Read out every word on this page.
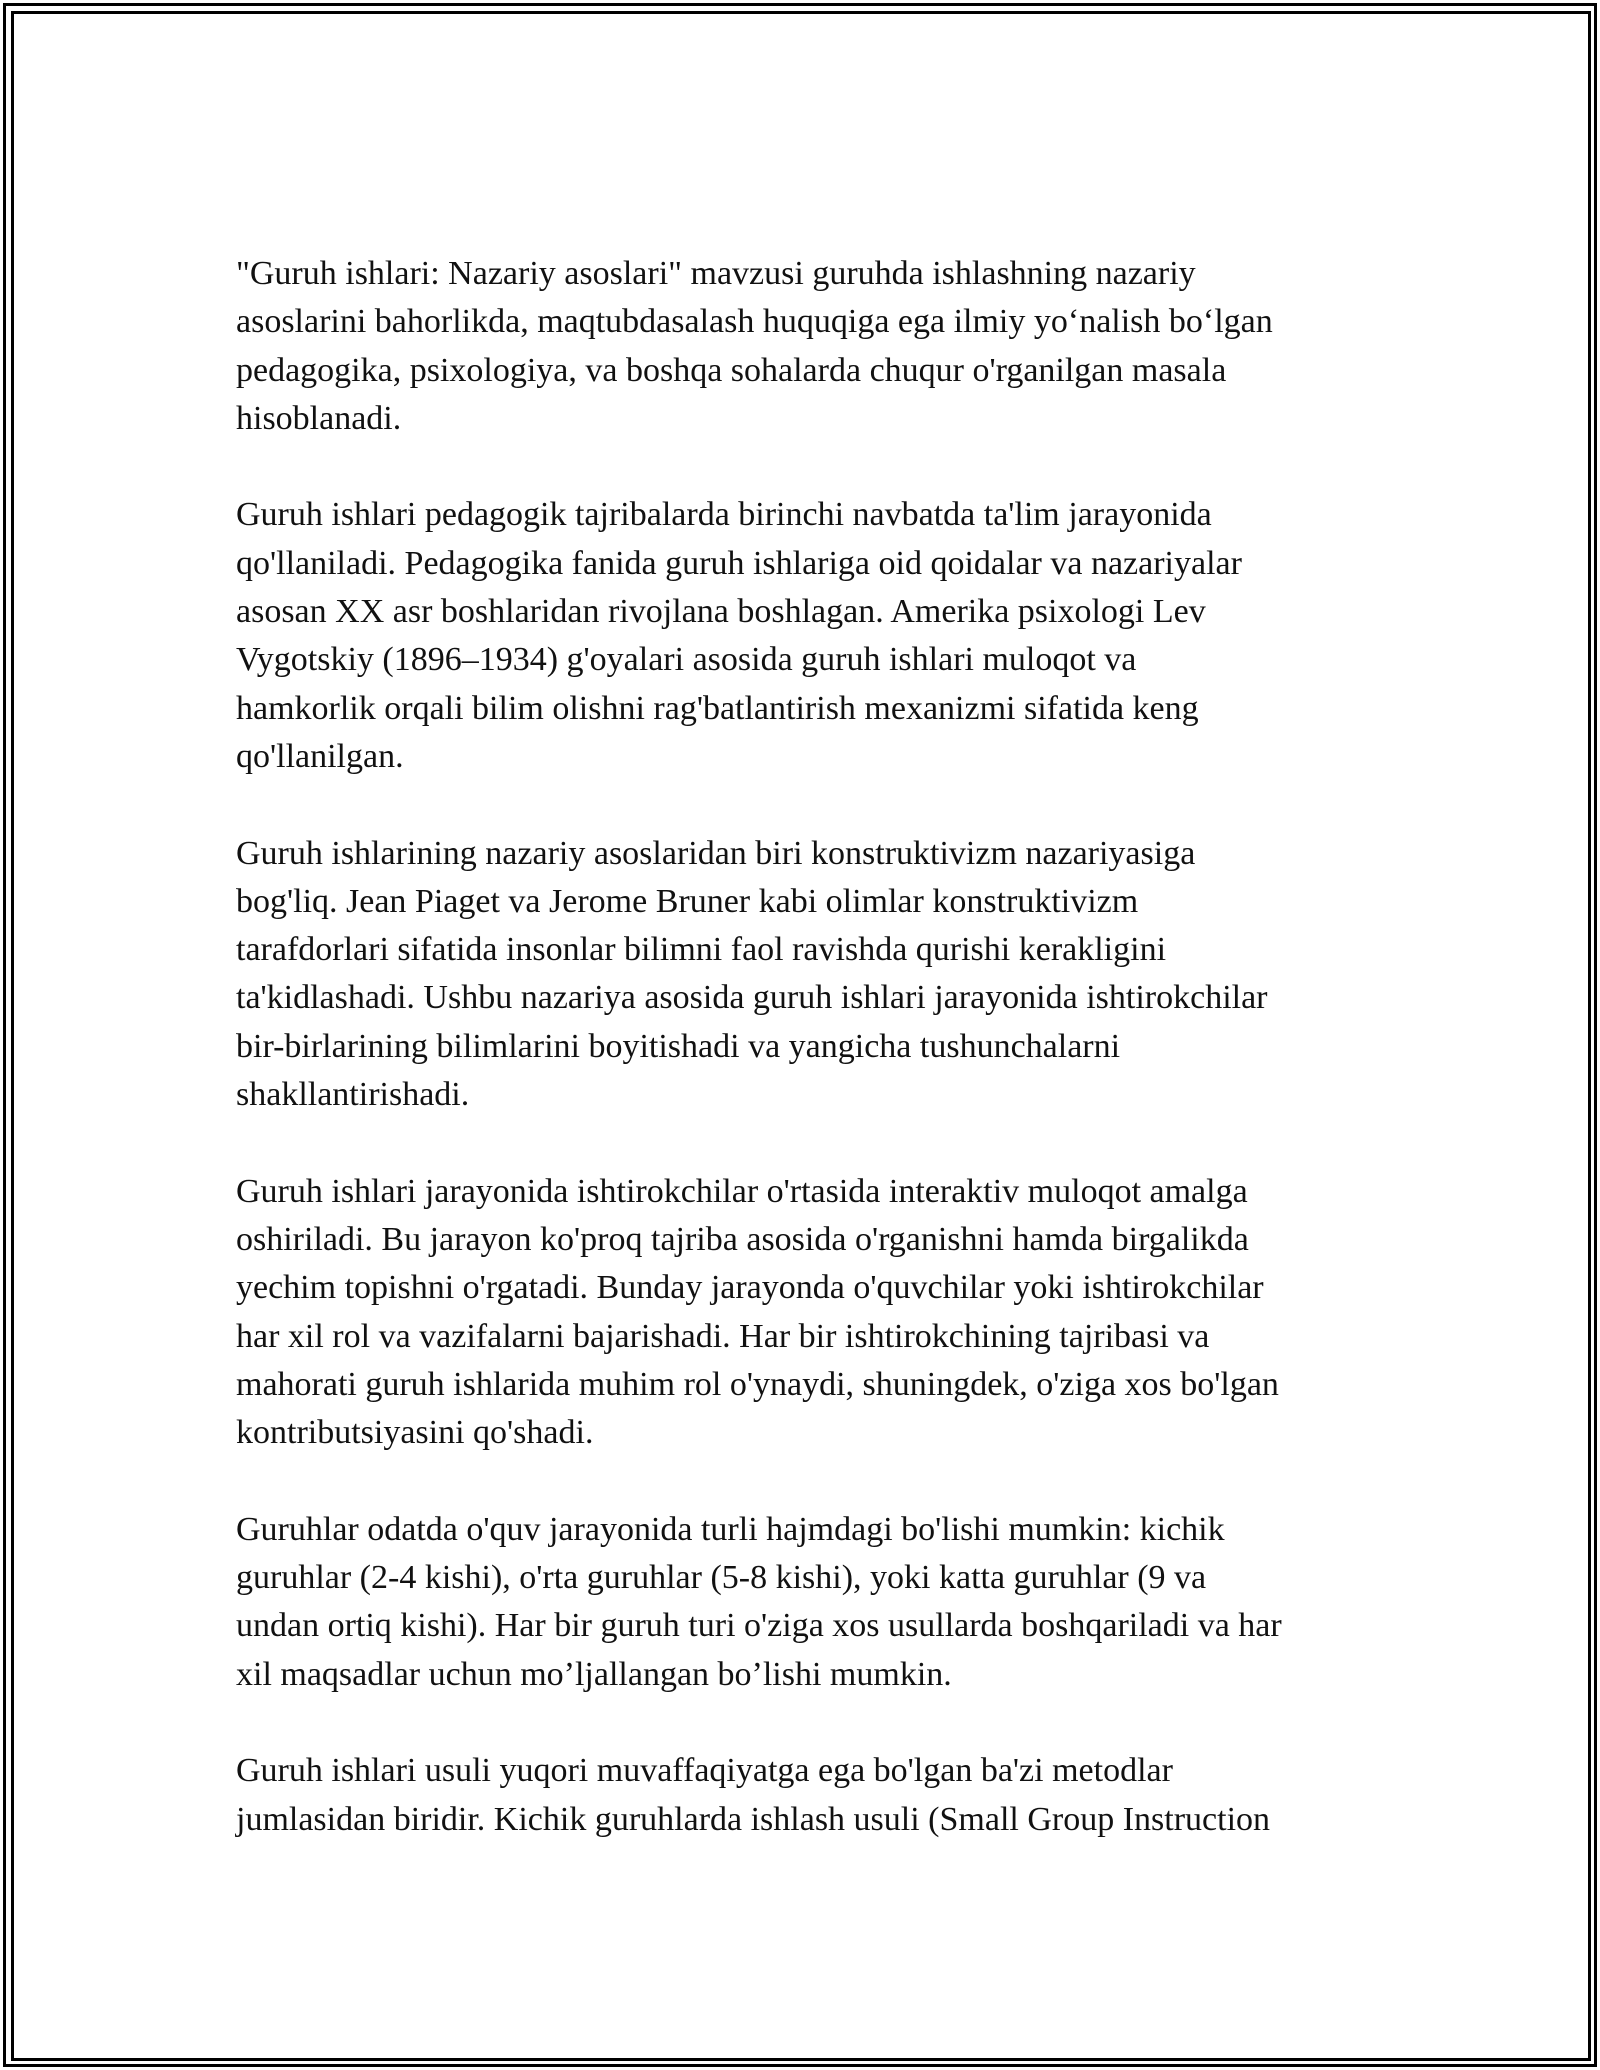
"Guruh ishlari: Nazariy asoslari" mavzusi guruhda ishlashning nazariy
asoslarini bahorlikda, maqtubdasalash huquqiga ega ilmiy yo‘nalish bo‘lgan
pedagogika, psixologiya, va boshqa sohalarda chuqur o'rganilgan masala
hisoblanadi.

Guruh ishlari pedagogik tajribalarda birinchi navbatda ta'lim jarayonida
qo'llaniladi. Pedagogika fanida guruh ishlariga oid qoidalar va nazariyalar
asosan XX asr boshlaridan rivojlana boshlagan. Amerika psixologi Lev
Vygotskiy (1896–1934) g'oyalari asosida guruh ishlari muloqot va
hamkorlik orqali bilim olishni rag'batlantirish mexanizmi sifatida keng
qo'llanilgan.

Guruh ishlarining nazariy asoslaridan biri konstruktivizm nazariyasiga
bog'liq. Jean Piaget va Jerome Bruner kabi olimlar konstruktivizm
tarafdorlari sifatida insonlar bilimni faol ravishda qurishi kerakligini
ta'kidlashadi. Ushbu nazariya asosida guruh ishlari jarayonida ishtirokchilar
bir-birlarining bilimlarini boyitishadi va yangicha tushunchalarni
shakllantirishadi.

Guruh ishlari jarayonida ishtirokchilar o'rtasida interaktiv muloqot amalga
oshiriladi. Bu jarayon ko'proq tajriba asosida o'rganishni hamda birgalikda
yechim topishni o'rgatadi. Bunday jarayonda o'quvchilar yoki ishtirokchilar
har xil rol va vazifalarni bajarishadi. Har bir ishtirokchining tajribasi va
mahorati guruh ishlarida muhim rol o'ynaydi, shuningdek, o'ziga xos bo'lgan
kontributsiyasini qo'shadi.

Guruhlar odatda o'quv jarayonida turli hajmdagi bo'lishi mumkin: kichik
guruhlar (2-4 kishi), o'rta guruhlar (5-8 kishi), yoki katta guruhlar (9 va
undan ortiq kishi). Har bir guruh turi o'ziga xos usullarda boshqariladi va har
xil maqsadlar uchun mo’ljallangan bo’lishi mumkin.

Guruh ishlari usuli yuqori muvaffaqiyatga ega bo'lgan ba'zi metodlar
jumlasidan biridir. Kichik guruhlarda ishlash usuli (Small Group Instruction
